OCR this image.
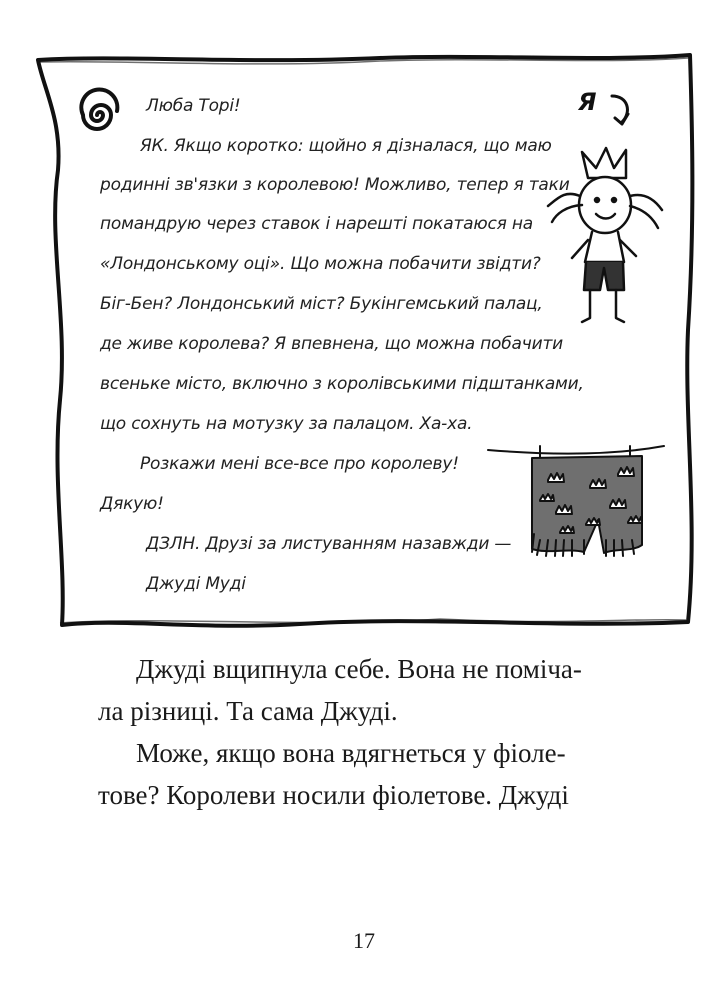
Я
Люба Торі!
ЯК. Якщо коротко: щойно я дізналася, що маю
родинні зв'язки з королевою! Можливо, тепер я таки
помандрую через ставок і нарешті покатаюся на
«Лондонському оці». Що можна побачити звідти?
Біг-Бен? Лондонський міст? Букінгемський палац,
де живе королева? Я впевнена, що можна побачити
всеньке місто, включно з королівськими підштанками,
що сохнуть на мотузку за палацом. Ха-ха.
Розкажи мені все-все про королеву!
Дякую!
ДЗЛН. Друзі за листуванням назавжди —
Джуді Муді
Джуді вщипнула себе. Вона не поміча-
ла різниці. Та сама Джуді.
Може, якщо вона вдягнеться у фіоле-
тове? Королеви носили фіолетове. Джуді
17
